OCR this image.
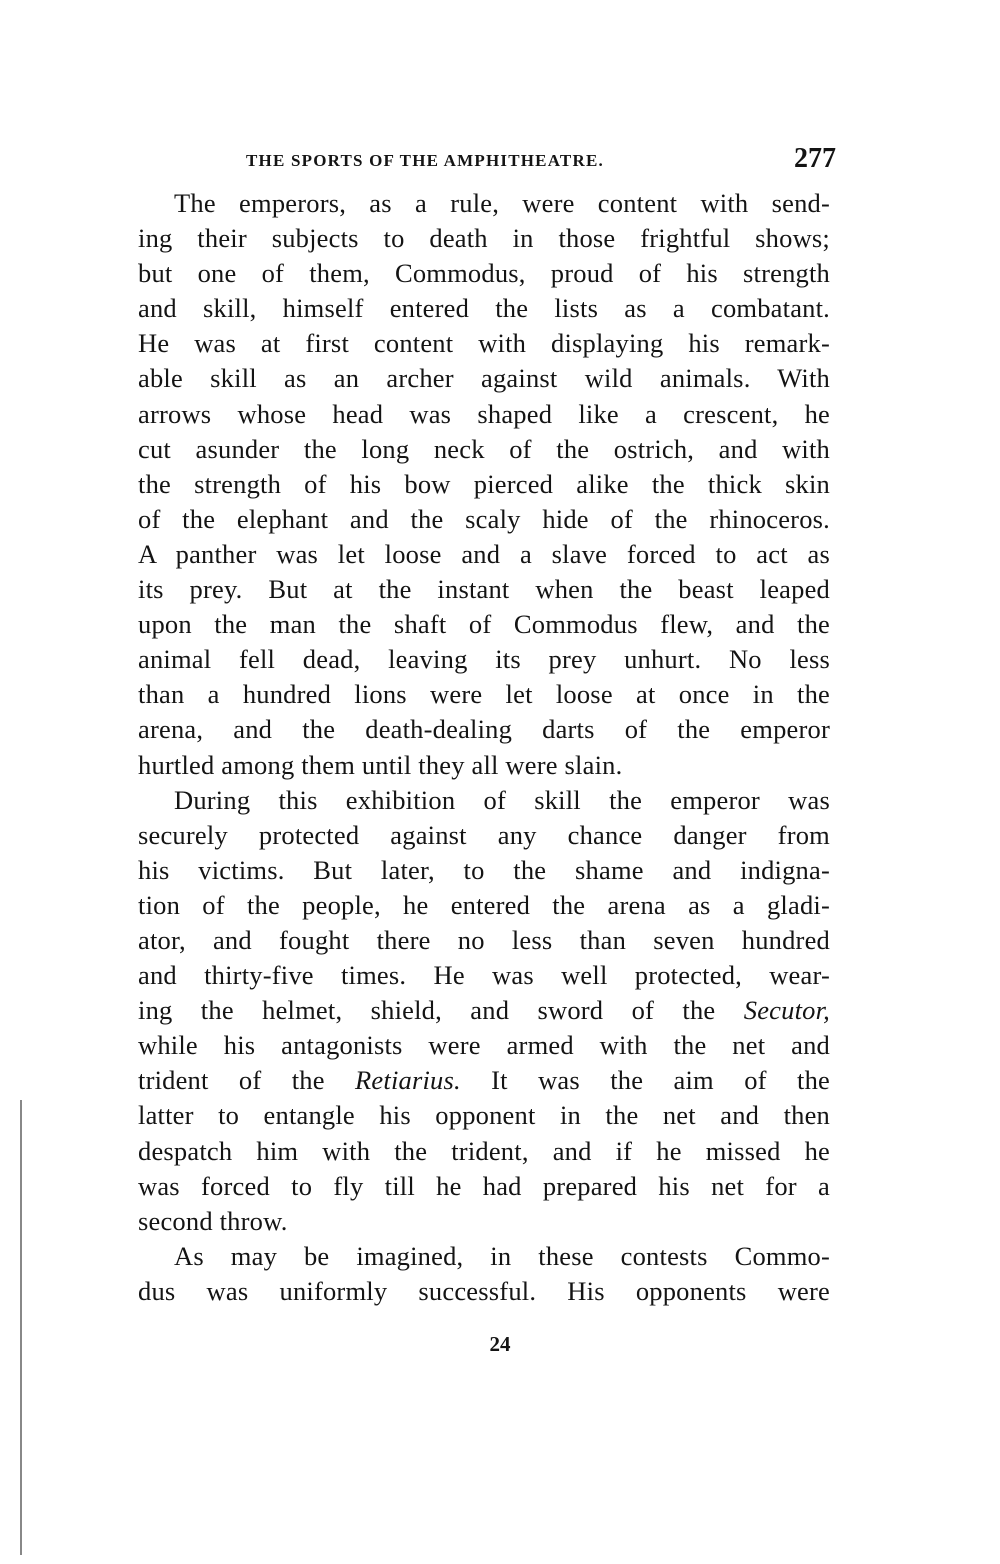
THE SPORTS OF THE AMPHITHEATRE.	277
The emperors, as a rule, were content with send-
ing their subjects to death in those frightful shows;
but one of them, Commodus, proud of his strength
and skill, himself entered the lists as a combatant.
He was at first content with displaying his remark-
able skill as an archer against wild animals. With
arrows whose head was shaped like a crescent, he
cut asunder the long neck of the ostrich, and with
the strength of his bow pierced alike the thick skin
of the elephant and the scaly hide of the rhinoceros.
A panther was let loose and a slave forced to act as
its prey. But at the instant when the beast leaped
upon the man the shaft of Commodus flew, and the
animal fell dead, leaving its prey unhurt. No less
than a hundred lions were let loose at once in the
arena, and the death-dealing darts of the emperor
hurtled among them until they all were slain.
During this exhibition of skill the emperor was
securely protected against any chance danger from
his victims. But later, to the shame and indigna-
tion of the people, he entered the arena as a gladi-
ator, and fought there no less than seven hundred
and thirty-five times. He was well protected, wear-
ing the helmet, shield, and sword of the Secutor,
while his antagonists were armed with the net and
trident of the Retiarius. It was the aim of the
latter to entangle his opponent in the net and then
despatch him with the trident, and if he missed he
was forced to fly till he had prepared his net for a
second throw.
As may be imagined, in these contests Commo-
dus was uniformly successful. His opponents were
24
